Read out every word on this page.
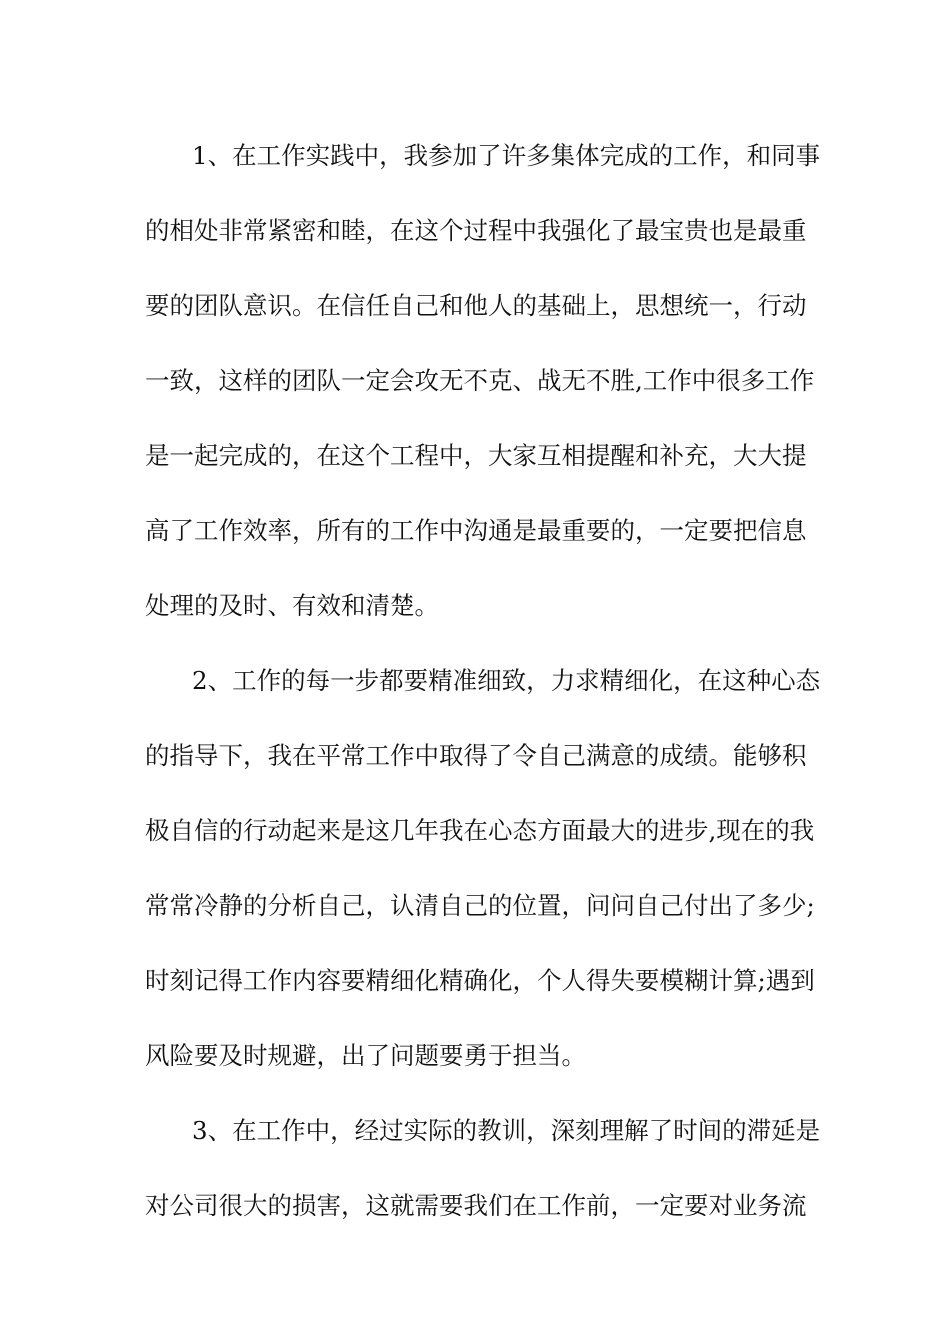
1、在工作实践中，我参加了许多集体完成的工作，和同事
的相处非常紧密和睦，在这个过程中我强化了最宝贵也是最重
要的团队意识。在信任自己和他人的基础上，思想统一，行动
一致，这样的团队一定会攻无不克、战无不胜,工作中很多工作
是一起完成的，在这个工程中，大家互相提醒和补充，大大提
高了工作效率，所有的工作中沟通是最重要的，一定要把信息
处理的及时、有效和清楚。
2、工作的每一步都要精准细致，力求精细化，在这种心态
的指导下，我在平常工作中取得了令自己满意的成绩。能够积
极自信的行动起来是这几年我在心态方面最大的进步,现在的我
常常冷静的分析自己，认清自己的位置，问问自己付出了多少;
时刻记得工作内容要精细化精确化，个人得失要模糊计算;遇到
风险要及时规避，出了问题要勇于担当。
3、在工作中，经过实际的教训，深刻理解了时间的滞延是
对公司很大的损害，这就需要我们在工作前，一定要对业务流
